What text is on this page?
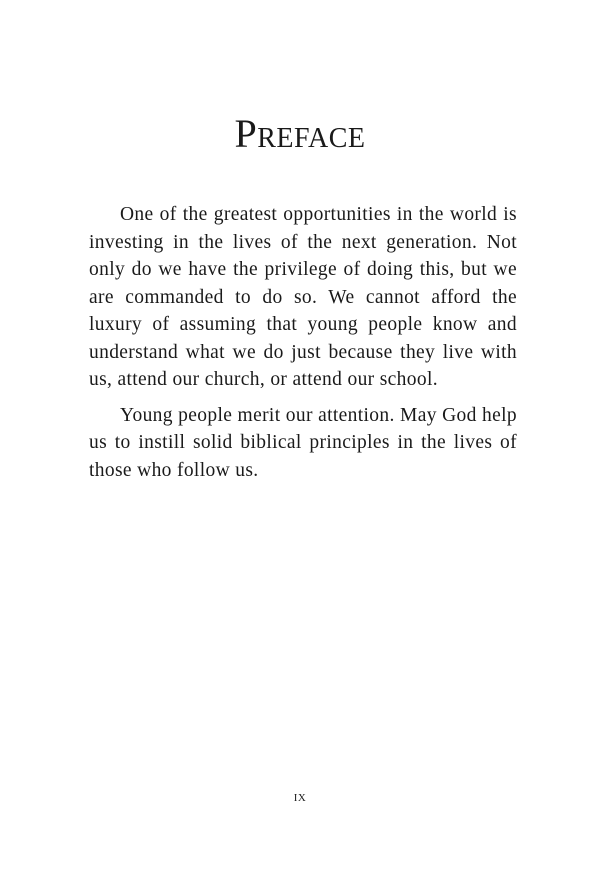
Preface

One of the greatest opportunities in the world is investing in the lives of the next generation. Not only do we have the privilege of doing this, but we are commanded to do so. We cannot afford the luxury of assuming that young people know and understand what we do just because they live with us, attend our church, or attend our school.

Young people merit our attention. May God help us to instill solid biblical principles in the lives of those who follow us.

IX
